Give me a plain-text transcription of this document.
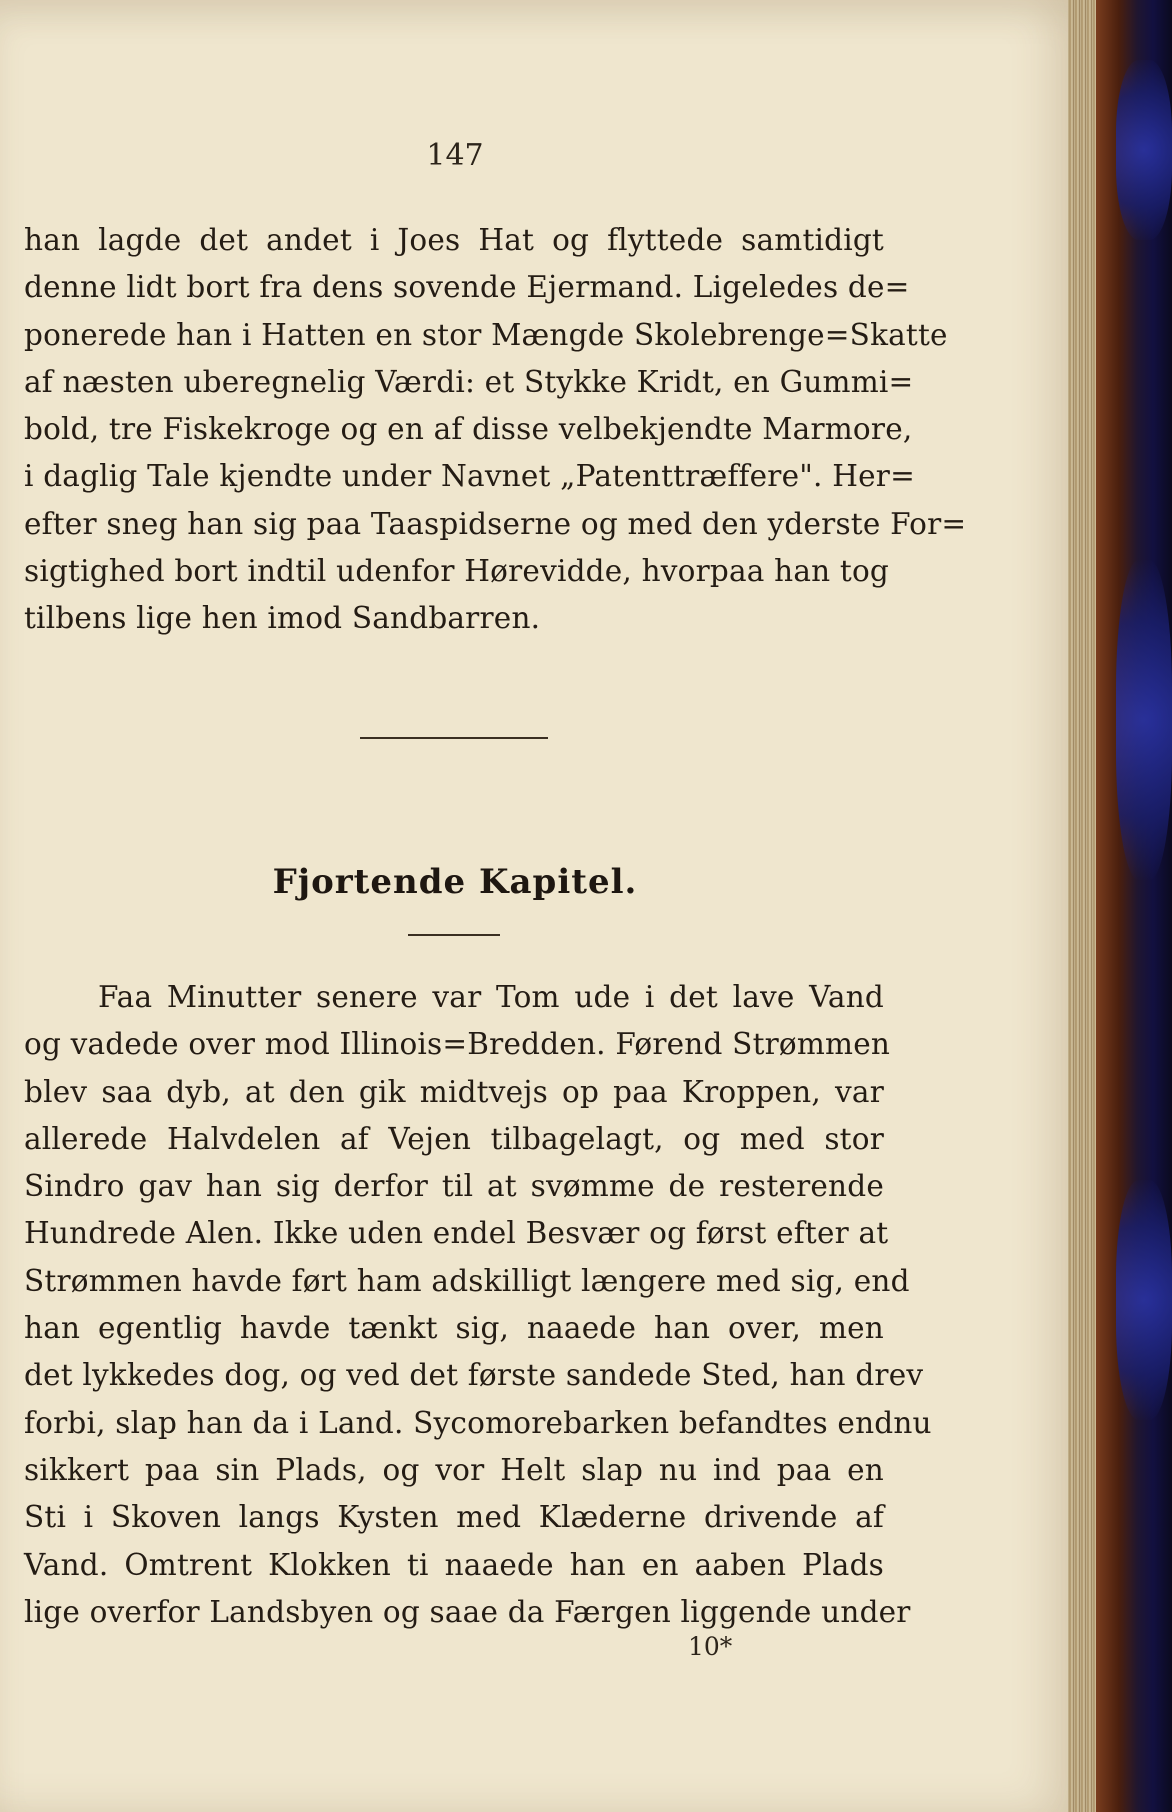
147
han lagde det andet i Joes Hat og flyttede samtidigt
denne lidt bort fra dens sovende Ejermand. Ligeledes de=
ponerede han i Hatten en stor Mængde Skolebrenge=Skatte
af næsten uberegnelig Værdi: et Stykke Kridt, en Gummi=
bold, tre Fiskekroge og en af disse velbekjendte Marmore,
i daglig Tale kjendte under Navnet „Patenttræffere". Her=
efter sneg han sig paa Taaspidserne og med den yderste For=
sigtighed bort indtil udenfor Hørevidde, hvorpaa han tog
tilbens lige hen imod Sandbarren.
Fjortende Kapitel.
Faa Minutter senere var Tom ude i det lave Vand
og vadede over mod Illinois=Bredden. Førend Strømmen
blev saa dyb, at den gik midtvejs op paa Kroppen, var
allerede Halvdelen af Vejen tilbagelagt, og med stor
Sindro gav han sig derfor til at svømme de resterende
Hundrede Alen. Ikke uden endel Besvær og først efter at
Strømmen havde ført ham adskilligt længere med sig, end
han egentlig havde tænkt sig, naaede han over, men
det lykkedes dog, og ved det første sandede Sted, han drev
forbi, slap han da i Land. Sycomorebarken befandtes endnu
sikkert paa sin Plads, og vor Helt slap nu ind paa en
Sti i Skoven langs Kysten med Klæderne drivende af
Vand. Omtrent Klokken ti naaede han en aaben Plads
lige overfor Landsbyen og saae da Færgen liggende under
10*
